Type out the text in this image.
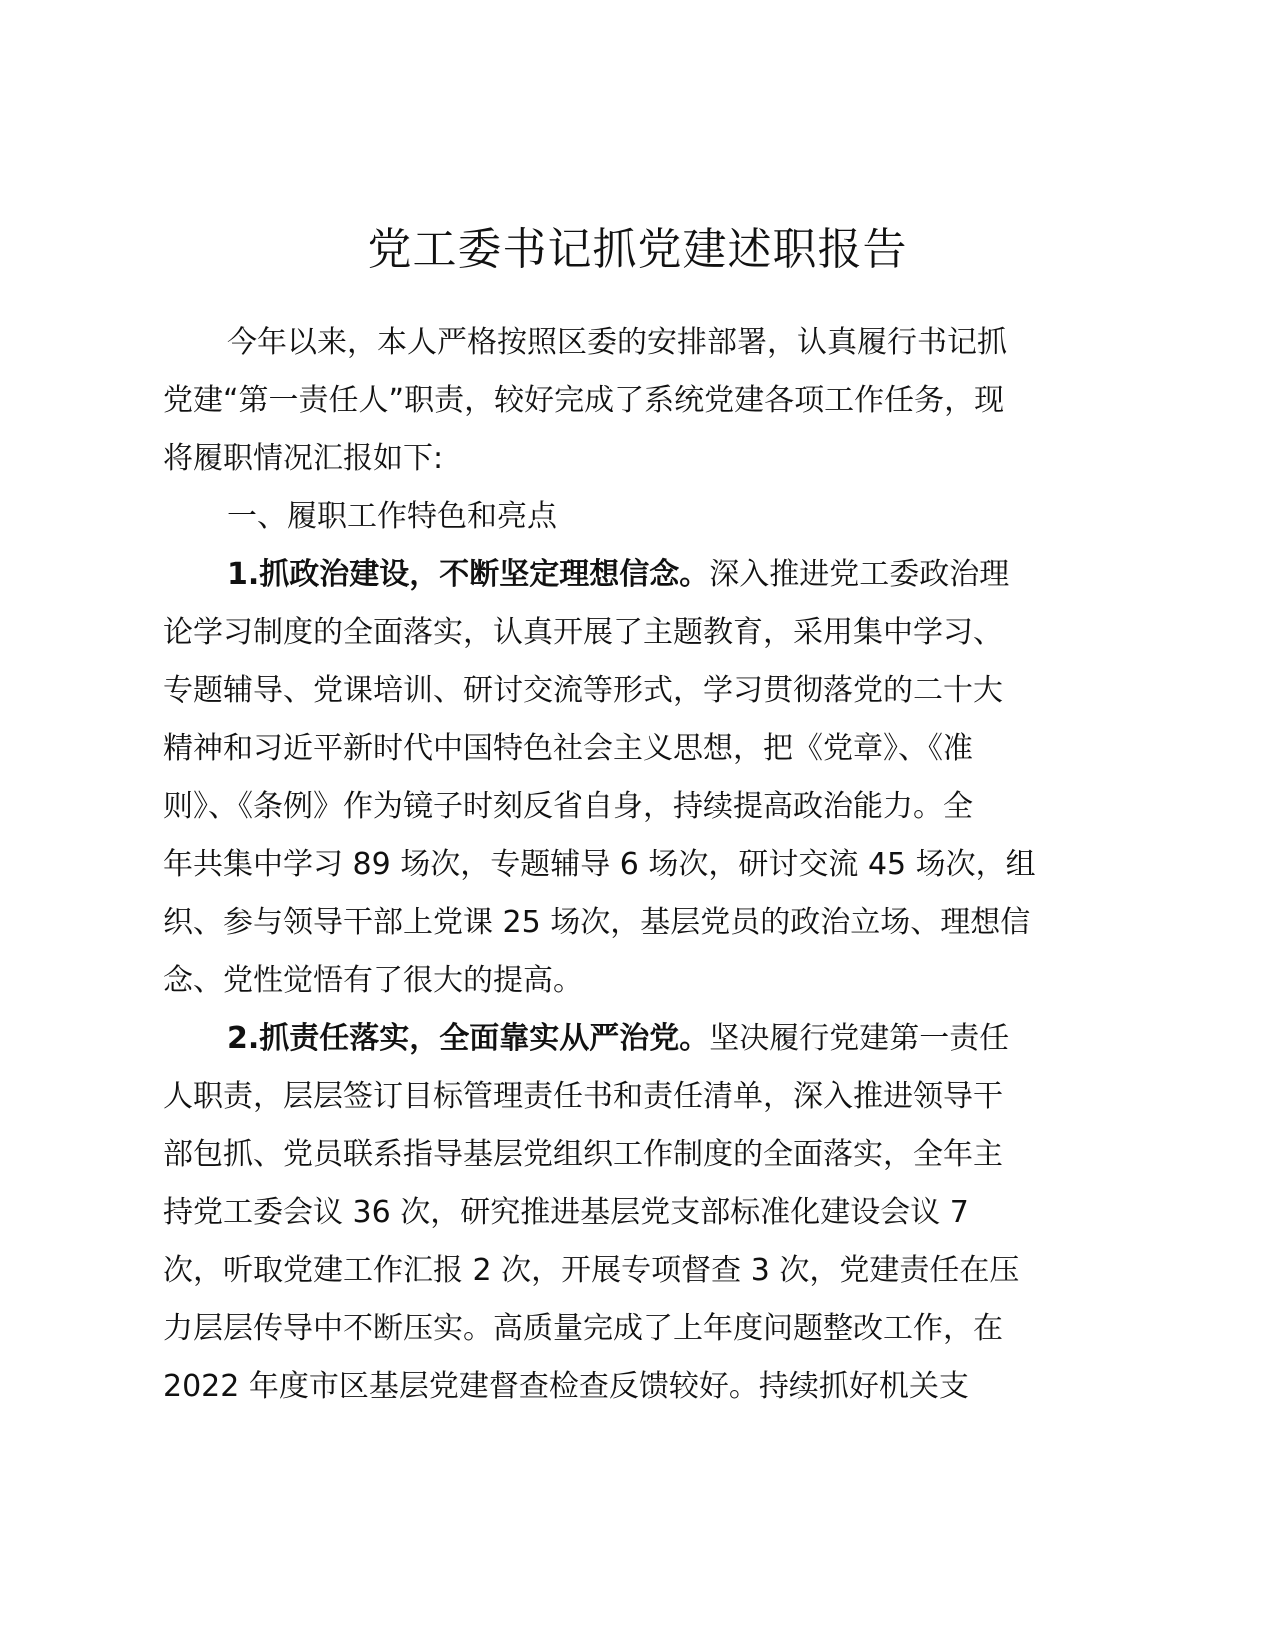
党工委书记抓党建述职报告
今年以来，本人严格按照区委的安排部署，认真履行书记抓
党建“第一责任人”职责，较好完成了系统党建各项工作任务，现
将履职情况汇报如下:
一、履职工作特色和亮点
1.抓政治建设，不断坚定理想信念。深入推进党工委政治理
论学习制度的全面落实，认真开展了主题教育，采用集中学习、
专题辅导、党课培训、研讨交流等形式，学习贯彻落党的二十大
精神和习近平新时代中国特色社会主义思想，把《党章》、《准
则》、《条例》作为镜子时刻反省自身，持续提高政治能力。全
年共集中学习 89 场次，专题辅导 6 场次，研讨交流 45 场次，组
织、参与领导干部上党课 25 场次，基层党员的政治立场、理想信
念、党性觉悟有了很大的提高。
2.抓责任落实，全面靠实从严治党。坚决履行党建第一责任
人职责，层层签订目标管理责任书和责任清单，深入推进领导干
部包抓、党员联系指导基层党组织工作制度的全面落实，全年主
持党工委会议 36 次，研究推进基层党支部标准化建设会议 7
次，听取党建工作汇报 2 次，开展专项督查 3 次，党建责任在压
力层层传导中不断压实。高质量完成了上年度问题整改工作，在
2022 年度市区基层党建督查检查反馈较好。持续抓好机关支
